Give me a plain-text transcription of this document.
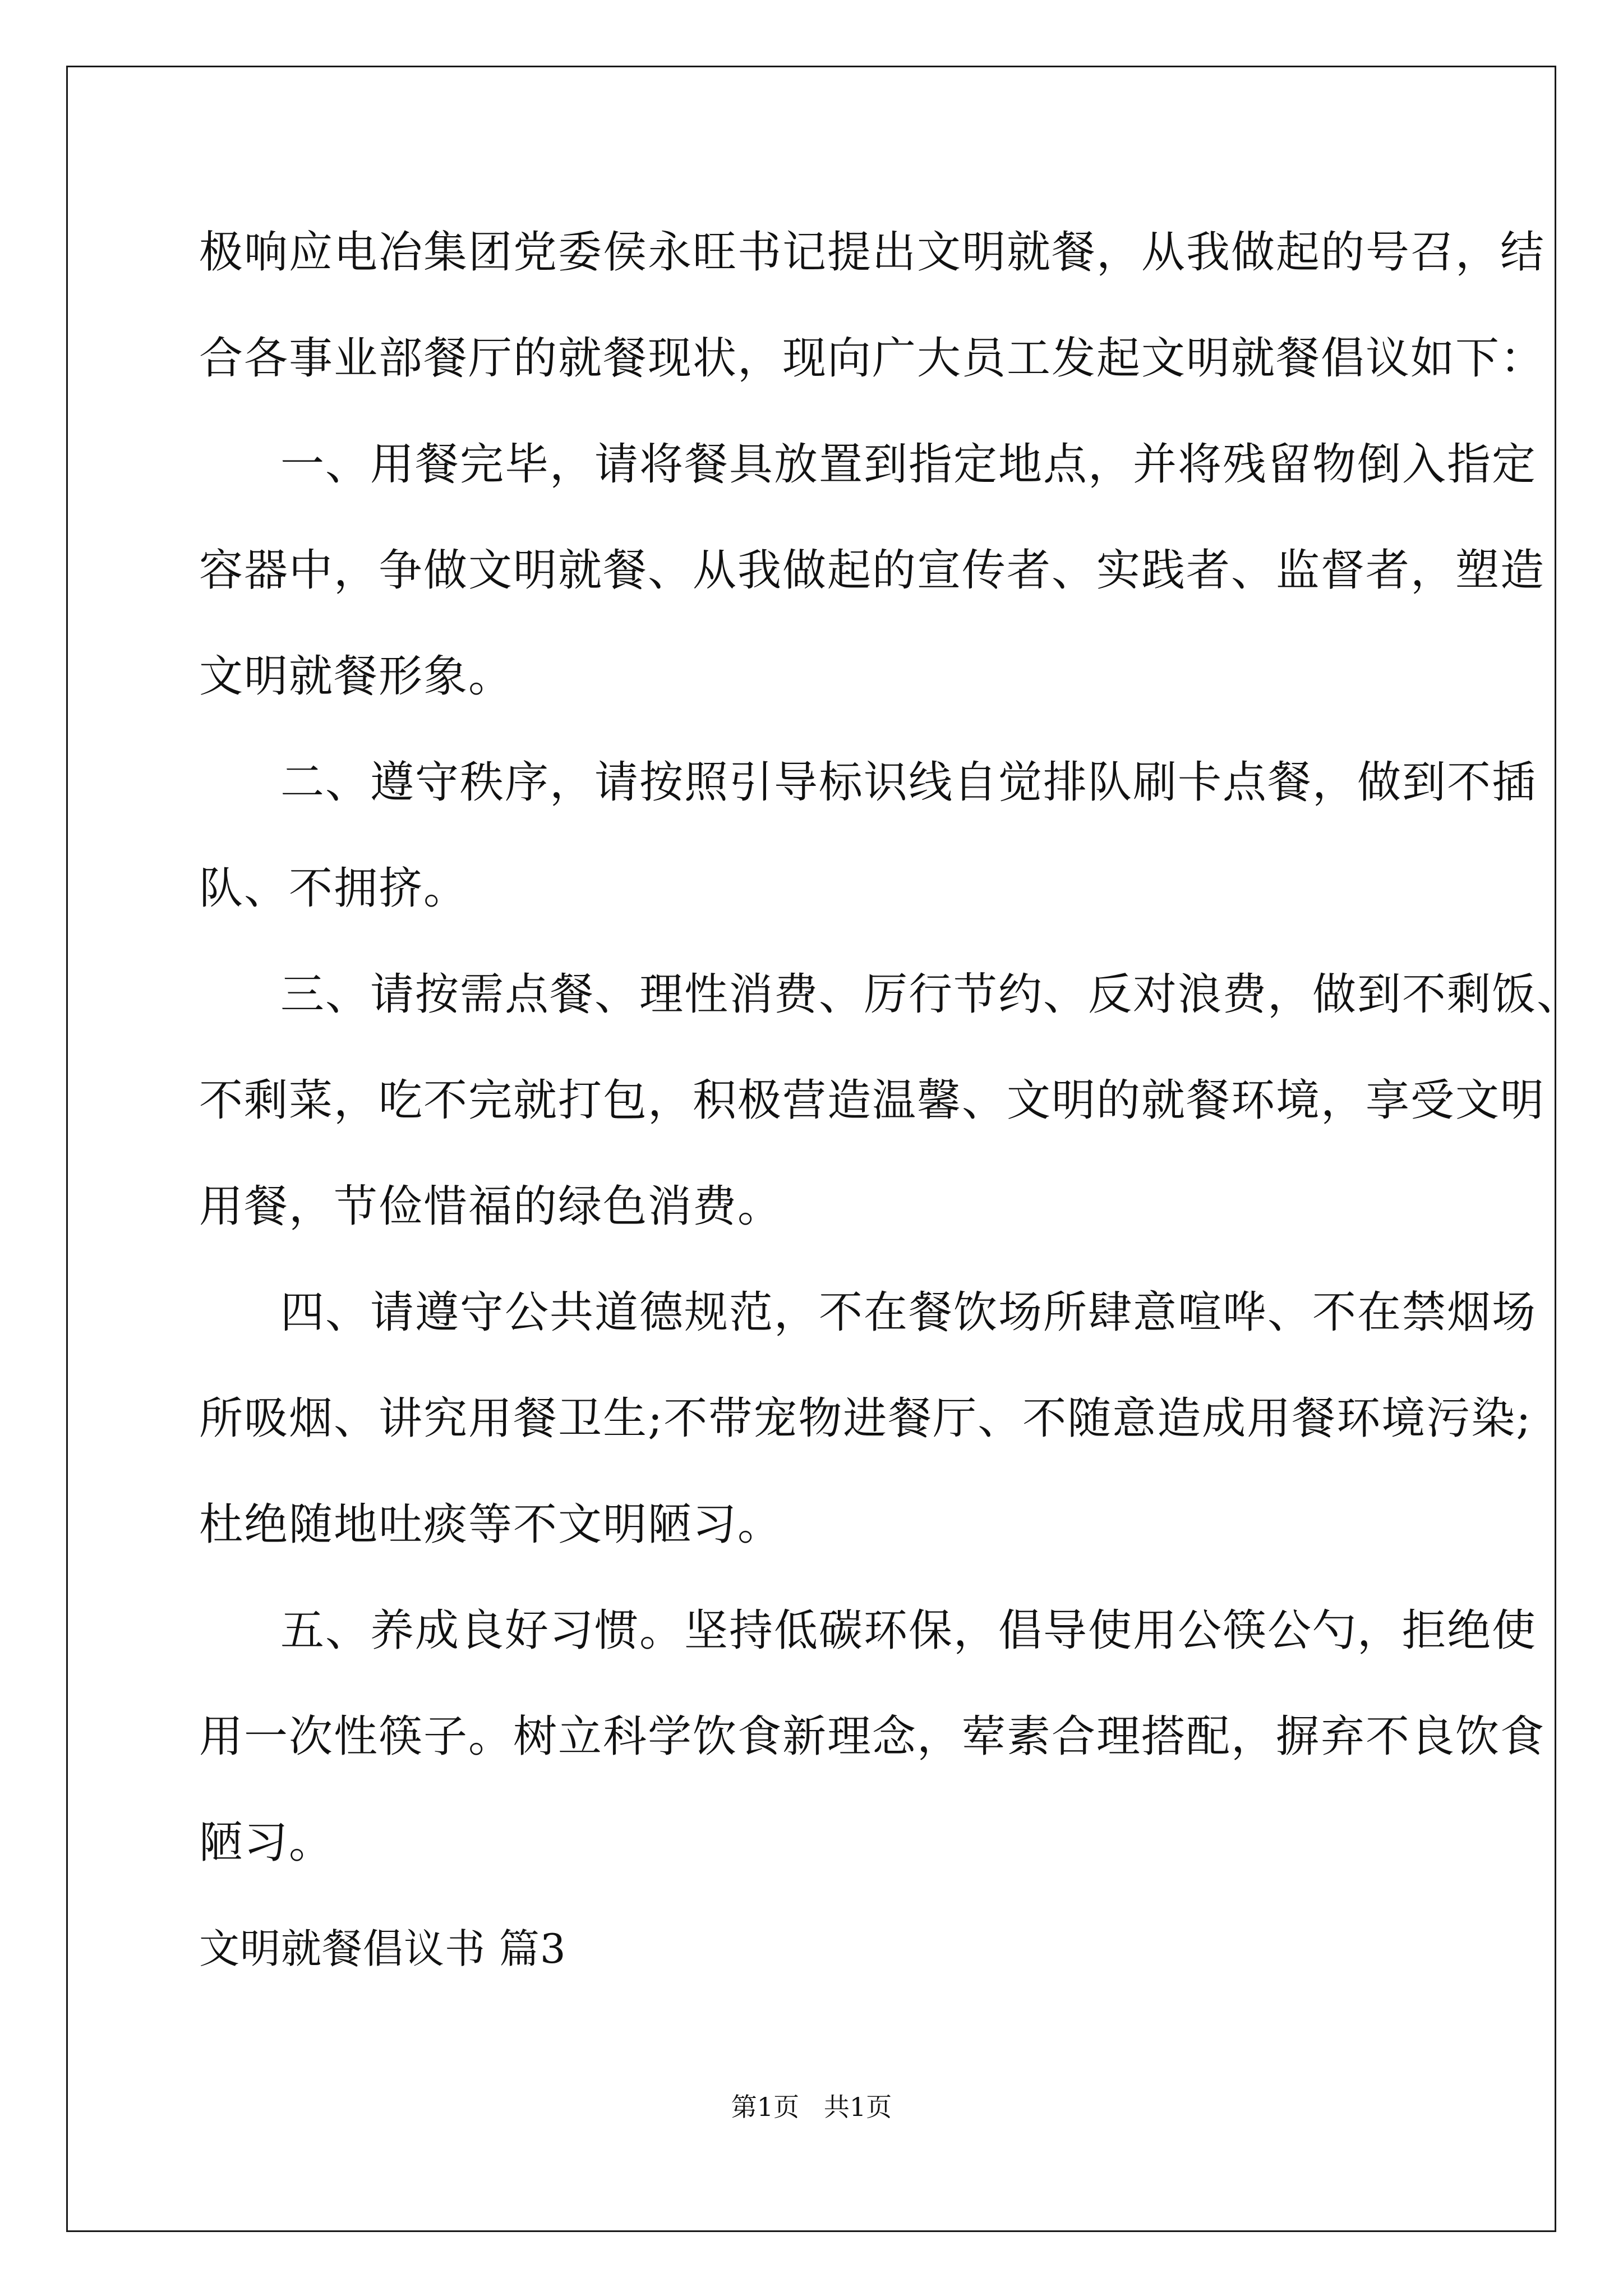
极响应电冶集团党委侯永旺书记提出文明就餐，从我做起的号召，结
合各事业部餐厅的就餐现状，现向广大员工发起文明就餐倡议如下：
一、用餐完毕，请将餐具放置到指定地点，并将残留物倒入指定
容器中，争做文明就餐、从我做起的宣传者、实践者、监督者，塑造
文明就餐形象。
二、遵守秩序，请按照引导标识线自觉排队刷卡点餐，做到不插
队、不拥挤。
三、请按需点餐、理性消费、厉行节约、反对浪费，做到不剩饭、
不剩菜，吃不完就打包，积极营造温馨、文明的就餐环境，享受文明
用餐，节俭惜福的绿色消费。
四、请遵守公共道德规范，不在餐饮场所肆意喧哗、不在禁烟场
所吸烟、讲究用餐卫生;不带宠物进餐厅、不随意造成用餐环境污染;
杜绝随地吐痰等不文明陋习。
五、养成良好习惯。坚持低碳环保，倡导使用公筷公勺，拒绝使
用一次性筷子。树立科学饮食新理念，荤素合理搭配，摒弃不良饮食
陋习。
文明就餐倡议书 篇3
第1页   共1页
